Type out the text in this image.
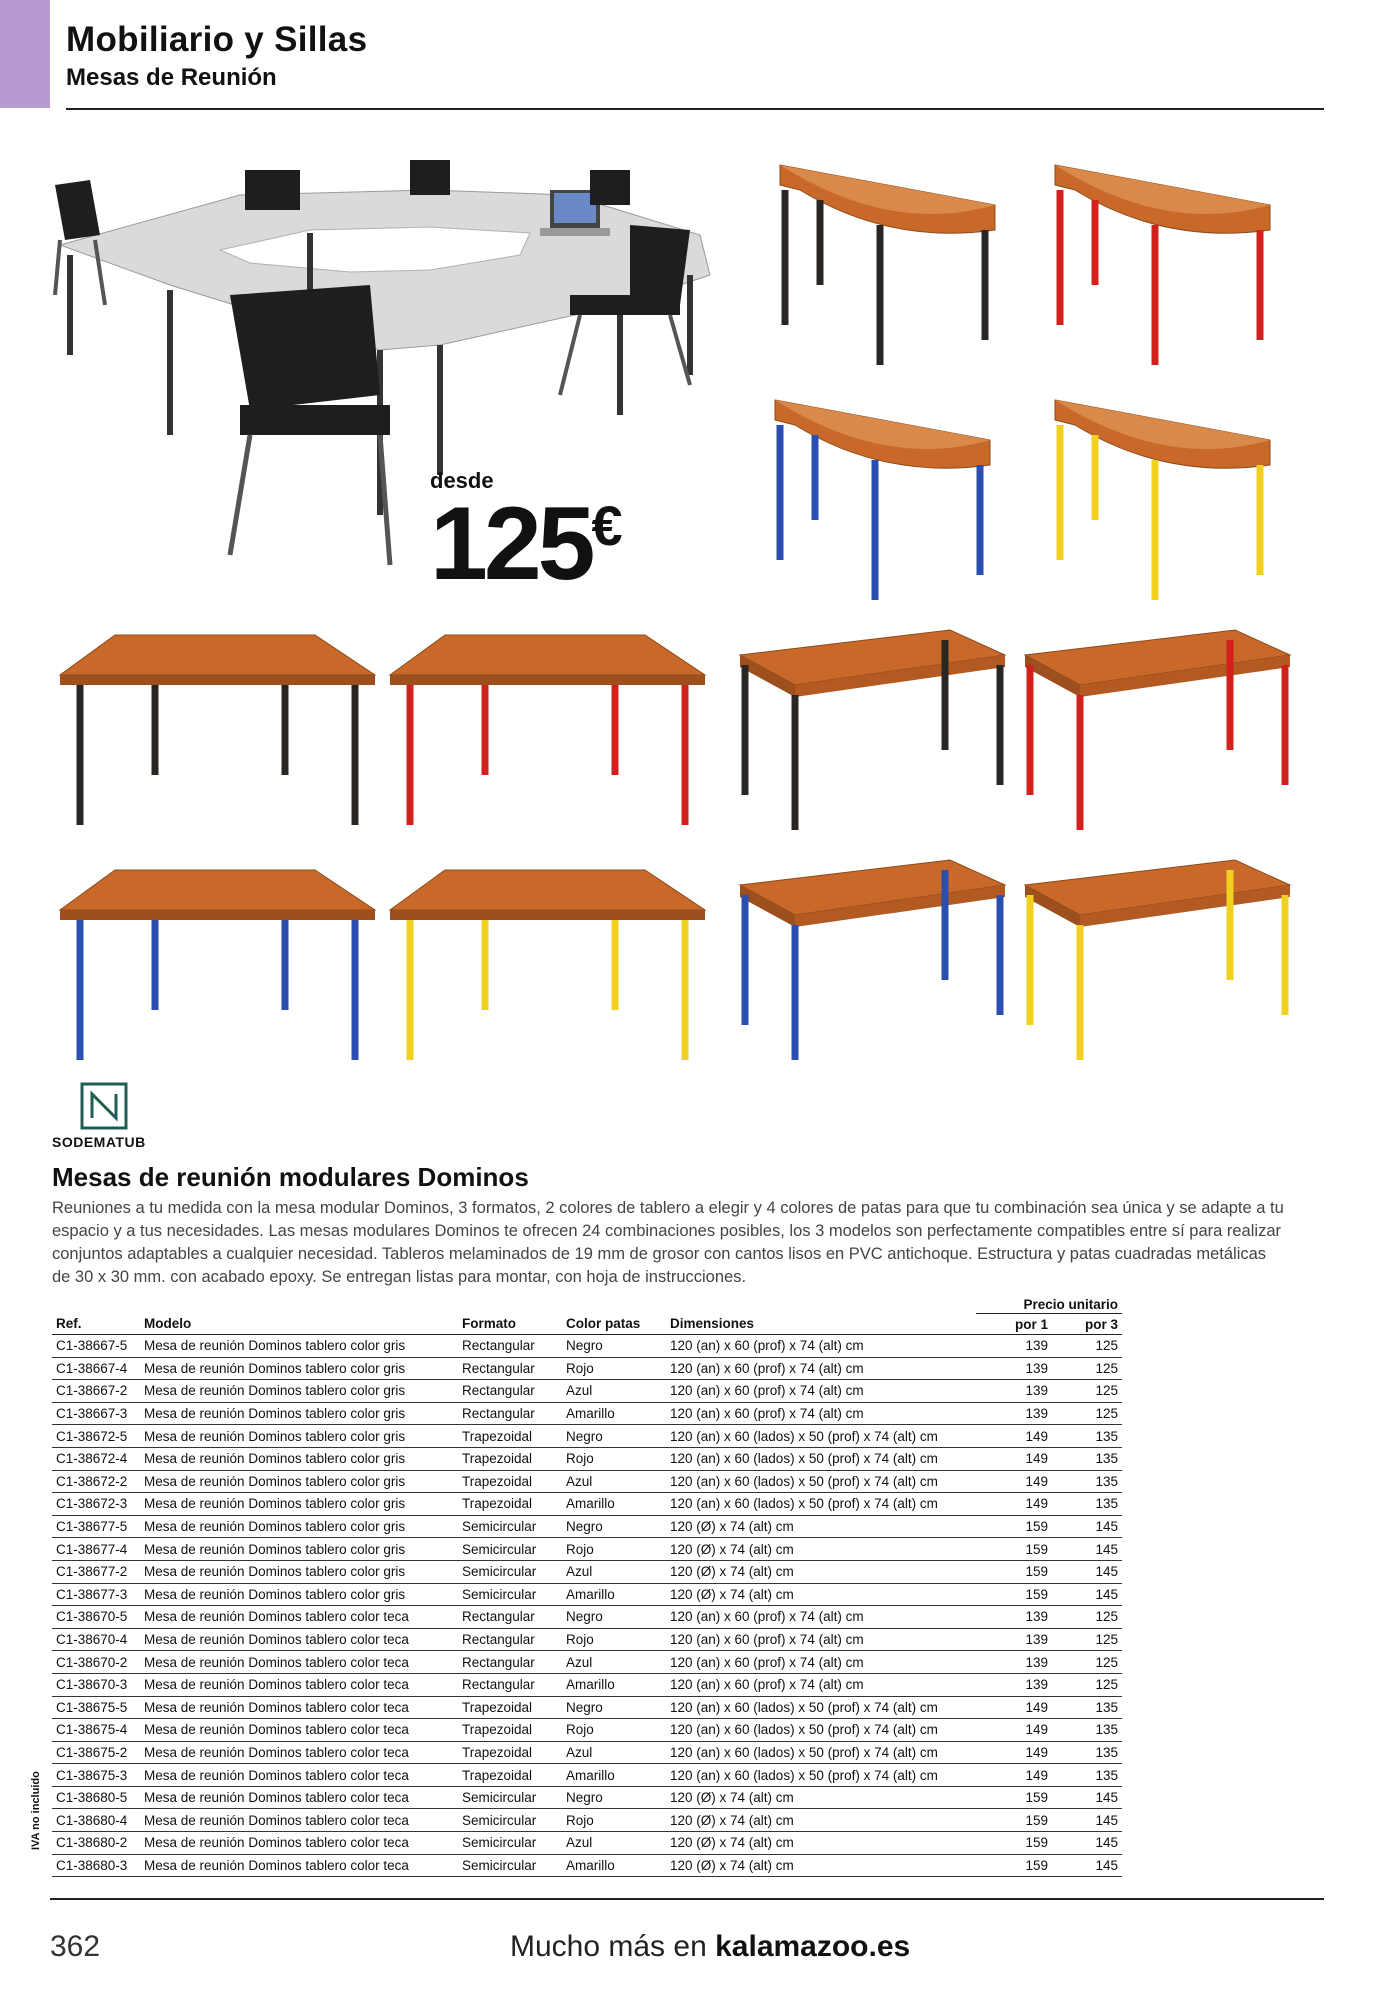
Mobiliario y Sillas
Mesas de Reunión
desde
125€
SODEMATUB
Mesas de reunión modulares Dominos
Reuniones a tu medida con la mesa modular Dominos, 3 formatos, 2 colores de tablero a elegir y 4 colores de patas para que tu combinación sea única y se adapte a tu espacio y a tus necesidades. Las mesas modulares Dominos te ofrecen 24 combinaciones posibles, los 3 modelos son perfectamente compatibles entre sí para realizar conjuntos adaptables a cualquier necesidad. Tableros melaminados de 19 mm de grosor con cantos lisos en PVC antichoque. Estructura y patas cuadradas metálicas de 30 x 30 mm. con acabado epoxy. Se entregan listas para montar, con hoja de instrucciones.
					Precio unitario	
Ref.	Modelo	Formato	Color patas	Dimensiones	por 1	por 3
C1-38667-5	Mesa de reunión Dominos tablero color gris	Rectangular	Negro	120 (an) x 60 (prof) x 74 (alt) cm	139	125
C1-38667-4	Mesa de reunión Dominos tablero color gris	Rectangular	Rojo	120 (an) x 60 (prof) x 74 (alt) cm	139	125
C1-38667-2	Mesa de reunión Dominos tablero color gris	Rectangular	Azul	120 (an) x 60 (prof) x 74 (alt) cm	139	125
C1-38667-3	Mesa de reunión Dominos tablero color gris	Rectangular	Amarillo	120 (an) x 60 (prof) x 74 (alt) cm	139	125
C1-38672-5	Mesa de reunión Dominos tablero color gris	Trapezoidal	Negro	120 (an) x 60 (lados) x 50 (prof) x 74 (alt) cm	149	135
C1-38672-4	Mesa de reunión Dominos tablero color gris	Trapezoidal	Rojo	120 (an) x 60 (lados) x 50 (prof) x 74 (alt) cm	149	135
C1-38672-2	Mesa de reunión Dominos tablero color gris	Trapezoidal	Azul	120 (an) x 60 (lados) x 50 (prof) x 74 (alt) cm	149	135
C1-38672-3	Mesa de reunión Dominos tablero color gris	Trapezoidal	Amarillo	120 (an) x 60 (lados) x 50 (prof) x 74 (alt) cm	149	135
C1-38677-5	Mesa de reunión Dominos tablero color gris	Semicircular	Negro	120 (Ø) x 74 (alt) cm	159	145
C1-38677-4	Mesa de reunión Dominos tablero color gris	Semicircular	Rojo	120 (Ø) x 74 (alt) cm	159	145
C1-38677-2	Mesa de reunión Dominos tablero color gris	Semicircular	Azul	120 (Ø) x 74 (alt) cm	159	145
C1-38677-3	Mesa de reunión Dominos tablero color gris	Semicircular	Amarillo	120 (Ø) x 74 (alt) cm	159	145
C1-38670-5	Mesa de reunión Dominos tablero color teca	Rectangular	Negro	120 (an) x 60 (prof) x 74 (alt) cm	139	125
C1-38670-4	Mesa de reunión Dominos tablero color teca	Rectangular	Rojo	120 (an) x 60 (prof) x 74 (alt) cm	139	125
C1-38670-2	Mesa de reunión Dominos tablero color teca	Rectangular	Azul	120 (an) x 60 (prof) x 74 (alt) cm	139	125
C1-38670-3	Mesa de reunión Dominos tablero color teca	Rectangular	Amarillo	120 (an) x 60 (prof) x 74 (alt) cm	139	125
C1-38675-5	Mesa de reunión Dominos tablero color teca	Trapezoidal	Negro	120 (an) x 60 (lados) x 50 (prof) x 74 (alt) cm	149	135
C1-38675-4	Mesa de reunión Dominos tablero color teca	Trapezoidal	Rojo	120 (an) x 60 (lados) x 50 (prof) x 74 (alt) cm	149	135
C1-38675-2	Mesa de reunión Dominos tablero color teca	Trapezoidal	Azul	120 (an) x 60 (lados) x 50 (prof) x 74 (alt) cm	149	135
C1-38675-3	Mesa de reunión Dominos tablero color teca	Trapezoidal	Amarillo	120 (an) x 60 (lados) x 50 (prof) x 74 (alt) cm	149	135
C1-38680-5	Mesa de reunión Dominos tablero color teca	Semicircular	Negro	120 (Ø) x 74 (alt) cm	159	145
C1-38680-4	Mesa de reunión Dominos tablero color teca	Semicircular	Rojo	120 (Ø) x 74 (alt) cm	159	145
C1-38680-2	Mesa de reunión Dominos tablero color teca	Semicircular	Azul	120 (Ø) x 74 (alt) cm	159	145
C1-38680-3	Mesa de reunión Dominos tablero color teca	Semicircular	Amarillo	120 (Ø) x 74 (alt) cm	159	145
IVA no incluido
362	Mucho más en kalamazoo.es
